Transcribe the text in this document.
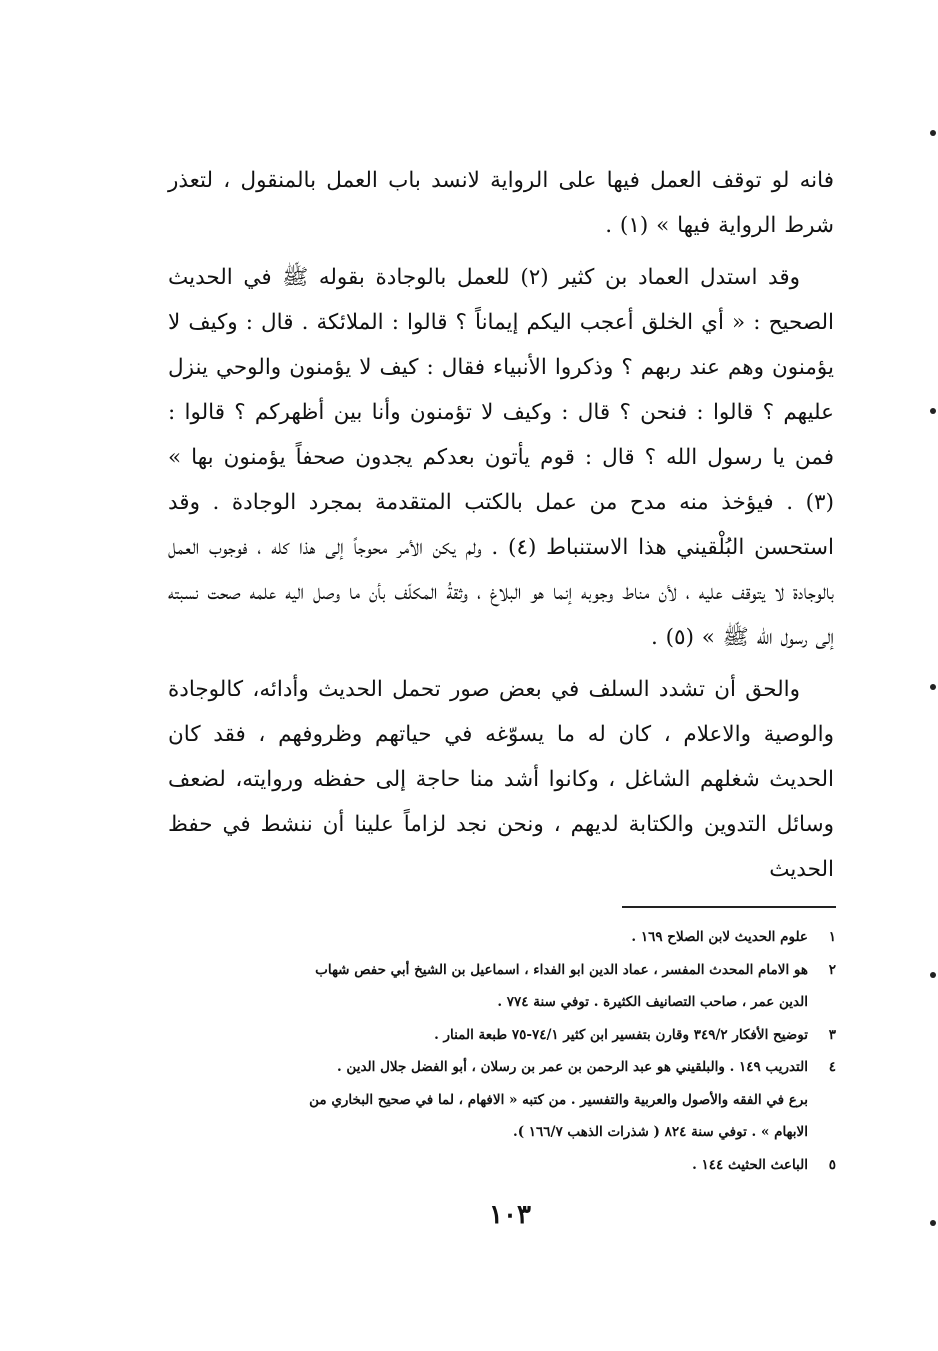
فانه لو توقف العمل فيها على الرواية لانسد باب العمل بالمنقول ، لتعذر شرط الرواية فيها » (١) .

وقد استدل العماد بن كثير (٢) للعمل بالوجادة بقوله ﷺ في الحديث الصحيح : « أي الخلق أعجب اليكم إيماناً ؟ قالوا : الملائكة . قال : وكيف لا يؤمنون وهم عند ربهم ؟ وذكروا الأنبياء فقال : كيف لا يؤمنون والوحي ينزل عليهم ؟ قالوا : فنحن ؟ قال : وكيف لا تؤمنون وأنا بين أظهركم ؟ قالوا : فمن يا رسول الله ؟ قال : قوم يأتون بعدكم يجدون صحفاً يؤمنون بها » (٣) . فيؤخذ منه مدح من عمل بالكتب المتقدمة بمجرد الوجادة . وقد استحسن البُلْقيني هذا الاستنباط (٤) . ولم يكن الأمر محوجاً إلى هذا كله ، فوجوب العمل بالوجادة لا يتوقف عليه ، لأن مناط وجوبه إنما هو البلاغ ، وثقةُ المكلّف بأن ما وصل اليه علمه صحت نسبته إلى رسول الله ﷺ » (٥) .

والحق أن تشدد السلف في بعض صور تحمل الحديث وأدائه، كالوجادة والوصية والاعلام ، كان له ما يسوّغه في حياتهم وظروفهم ، فقد كان الحديث شغلهم الشاغل ، وكانوا أشد منا حاجة إلى حفظه وروايته، لضعف وسائل التدوين والكتابة لديهم ، ونحن نجد لزاماً علينا أن ننشط في حفظ الحديث

١
علوم الحديث لابن الصلاح ١٦٩ .
٢
هو الامام المحدث المفسر ، عماد الدين ابو الفداء ، اسماعيل بن الشيخ أبي حفص شهاب
الدين عمر ، صاحب التصانيف الكثيرة . توفي سنة ٧٧٤ .
٣
توضيح الأفكار ٣٤٩/٢ وقارن بتفسير ابن كثير ٧٤/١-٧٥ طبعة المنار .
٤
التدريب ١٤٩ . والبلقيني هو عبد الرحمن بن عمر بن رسلان ، أبو الفضل جلال الدين .
برع في الفقه والأصول والعربية والتفسير . من كتبه « الافهام ، لما في صحيح البخاري من
الابهام » . توفي سنة ٨٢٤ ( شذرات الذهب ١٦٦/٧ ).
٥
الباعث الحثيث ١٤٤ .
١٠٣
